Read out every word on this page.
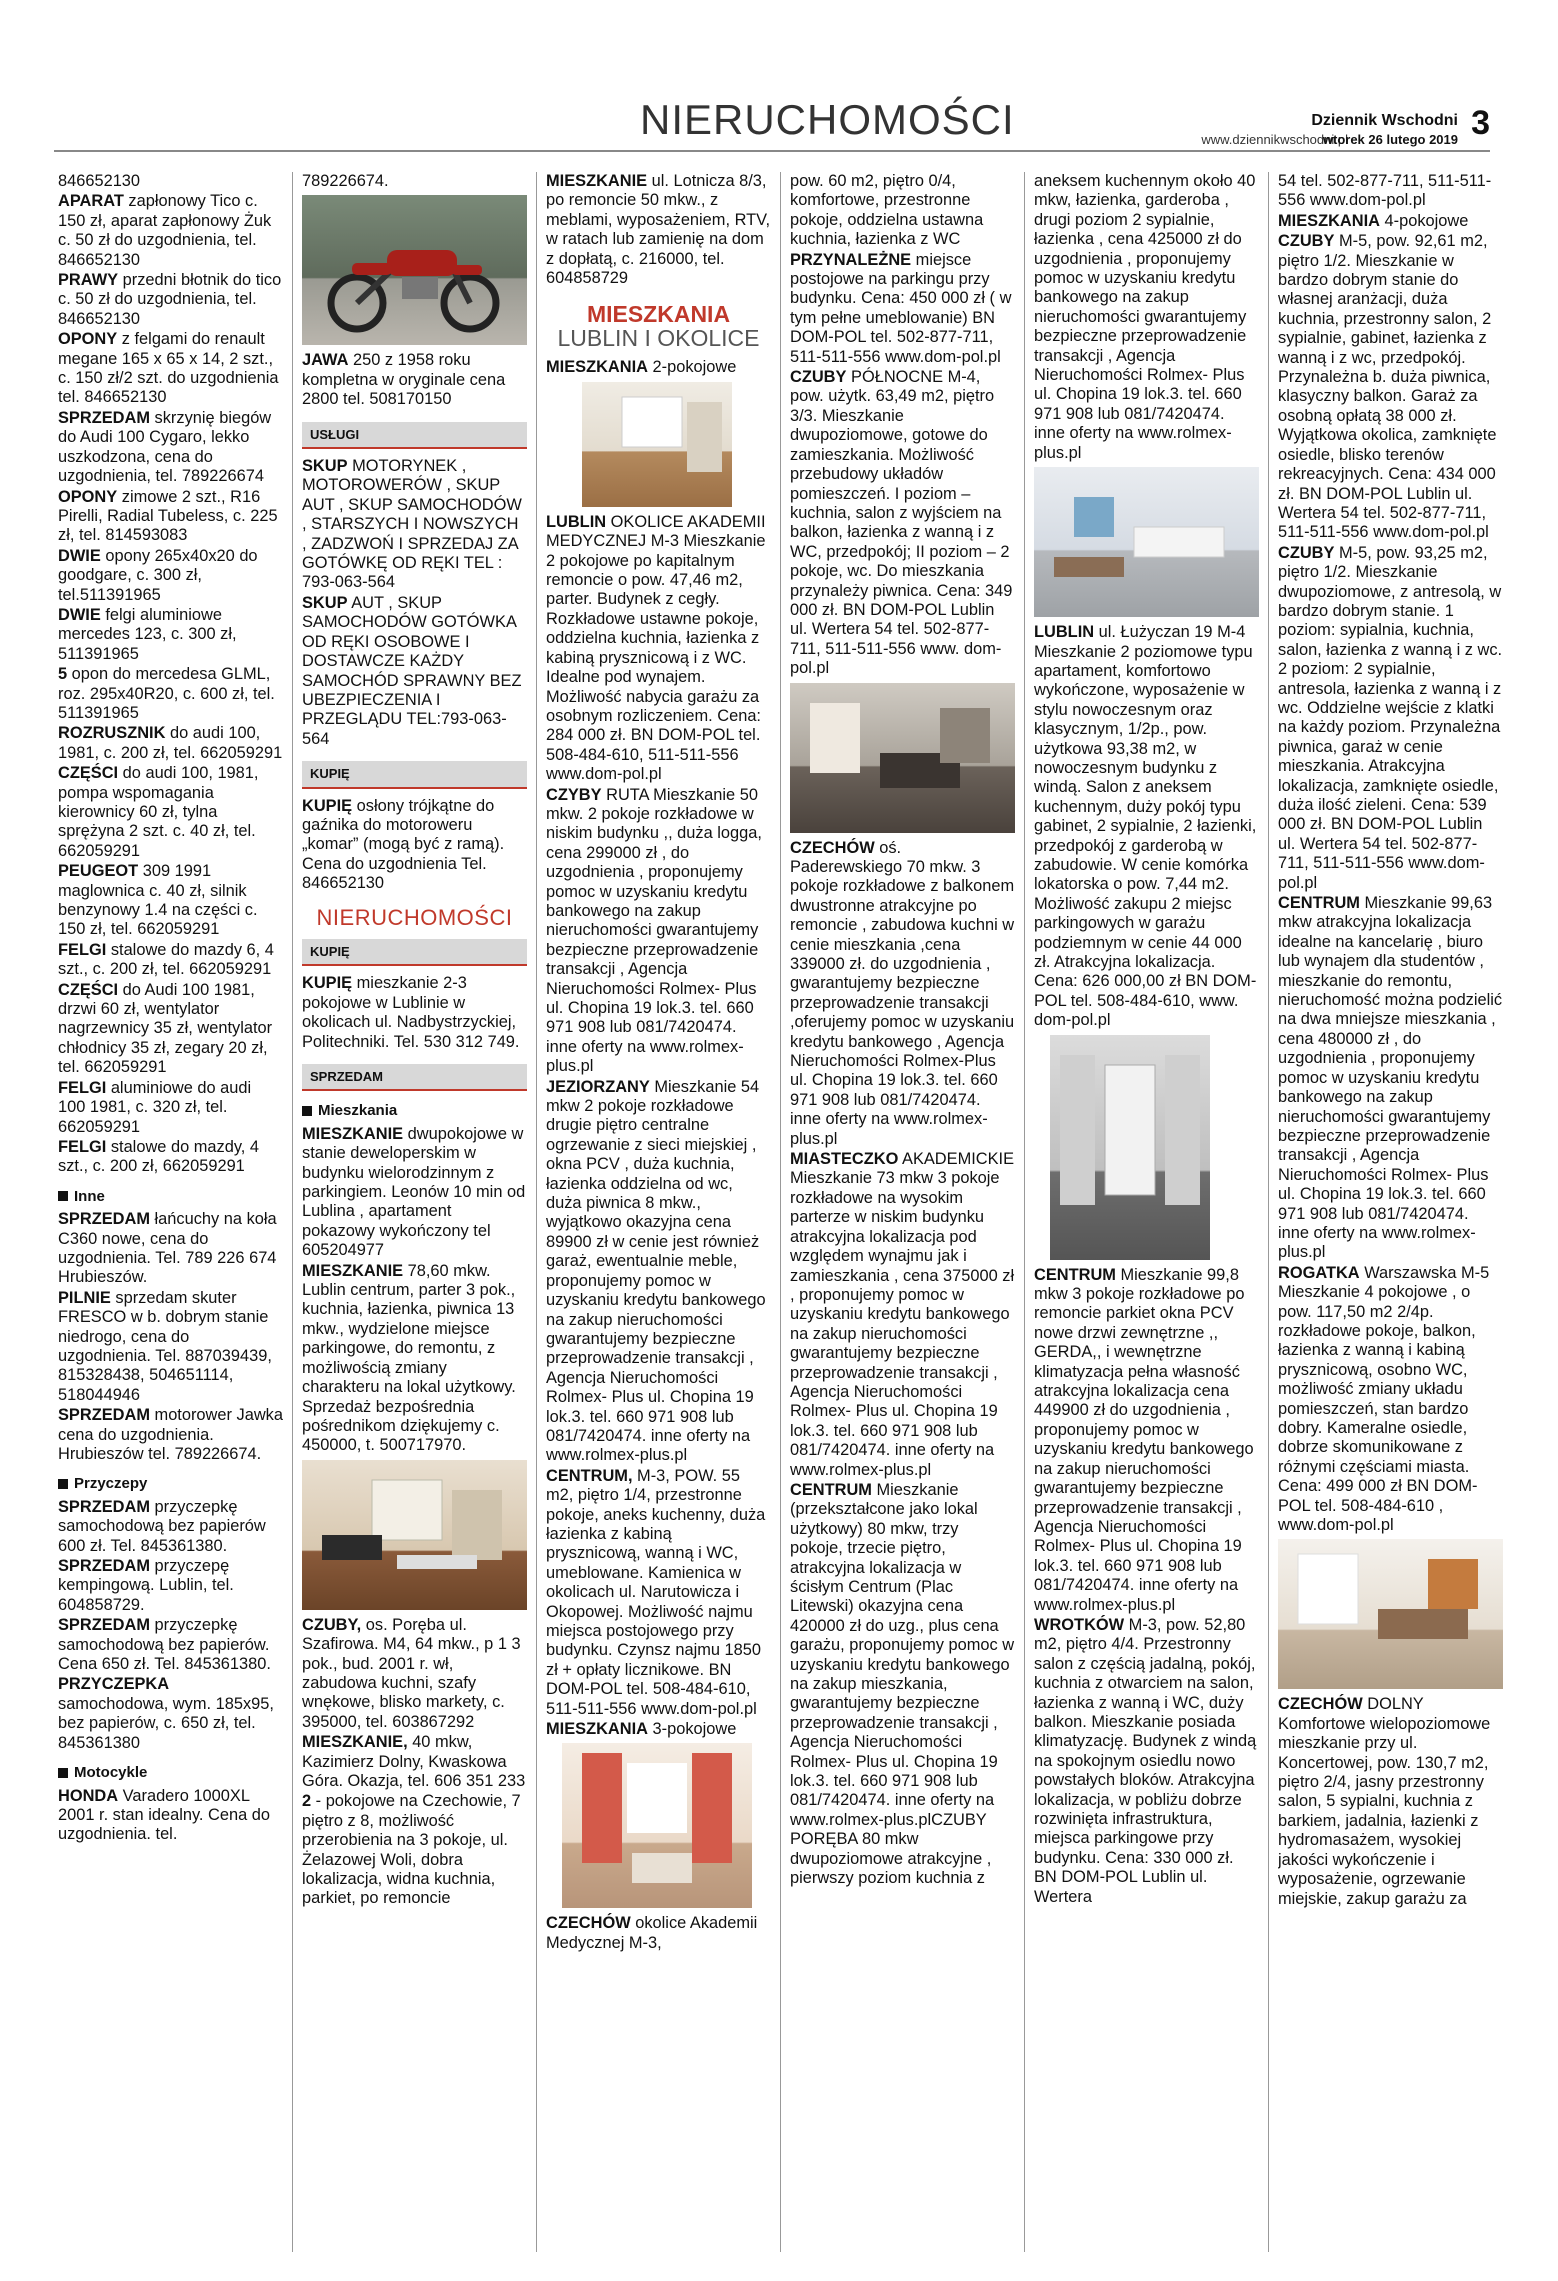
NIERUCHOMOŚCI	3
Dziennik Wschodni
www.dziennikwschodni.pl
wtorek 26 lutego 2019

846652130

APARAT zapłonowy Tico c. 150 zł, aparat zapłonowy Żuk c. 50 zł do uzgodnienia, tel. 846652130

PRAWY przedni błotnik do tico c. 50 zł do uzgodnienia, tel. 846652130

OPONY z felgami do renault megane 165 x 65 x 14, 2 szt., c. 150 zł/2 szt. do uzgodnienia tel. 846652130

SPRZEDAM skrzynię biegów do Audi 100 Cygaro, lekko uszkodzona, cena do uzgodnienia, tel. 789226674

OPONY zimowe 2 szt., R16 Pirelli, Radial Tubeless, c. 225 zł, tel. 814593083

DWIE opony 265x40x20 do goodgare, c. 300 zł, tel.511391965

DWIE felgi aluminiowe mercedes 123, c. 300 zł, 511391965

5 opon do mercedesa GLML, roz. 295x40R20, c. 600 zł, tel. 511391965

ROZRUSZNIK do audi 100, 1981, c. 200 zł, tel. 662059291

CZĘŚCI do audi 100, 1981, pompa wspomagania kierownicy 60 zł, tylna sprężyna 2 szt. c. 40 zł, tel. 662059291

PEUGEOT 309 1991 maglownica c. 40 zł, silnik benzynowy 1.4 na części c. 150 zł, tel. 662059291

FELGI stalowe do mazdy 6, 4 szt., c. 200 zł, tel. 662059291

CZĘŚCI do Audi 100 1981, drzwi 60 zł, wentylator nagrzewnicy 35 zł, wentylator chłodnicy 35 zł, zegary 20 zł, tel. 662059291

FELGI aluminiowe do audi 100 1981, c. 320 zł, tel. 662059291

FELGI stalowe do mazdy, 4 szt., c. 200 zł, 662059291

Inne

SPRZEDAM łańcuchy na koła C360 nowe, cena do uzgodnienia. Tel. 789 226 674 Hrubieszów.

PILNIE sprzedam skuter FRESCO w b. dobrym stanie niedrogo, cena do uzgodnienia. Tel. 887039439, 815328438, 504651114, 518044946

SPRZEDAM motorower Jawka cena do uzgodnienia. Hrubieszów tel. 789226674.

Przyczepy

SPRZEDAM przyczepkę samochodową bez papierów 600 zł. Tel. 845361380.

SPRZEDAM przyczepę kempingową. Lublin, tel. 604858729.

SPRZEDAM przyczepkę samochodową bez papierów. Cena 650 zł. Tel. 845361380.

PRZYCZEPKA samochodowa, wym. 185x95, bez papierów, c. 650 zł, tel. 845361380

Motocykle

HONDA Varadero 1000XL 2001 r. stan idealny. Cena do uzgodnienia. tel.

789226674.

JAWA 250 z 1958 roku kompletna w oryginale cena 2800 tel. 508170150

USŁUGI

SKUP MOTORYNEK , MOTOROWERÓW , SKUP AUT , SKUP SAMOCHODÓW , STARSZYCH I NOWSZYCH , ZADZWOŃ I SPRZEDAJ ZA GOTÓWKĘ OD RĘKI TEL : 793-063-564

SKUP AUT , SKUP SAMOCHODÓW GOTÓWKA OD RĘKI OSOBOWE I DOSTAWCZE KAŻDY SAMOCHÓD SPRAWNY BEZ UBEZPIECZENIA I PRZEGLĄDU TEL:793-063-564

KUPIĘ

KUPIĘ osłony trójkątne do gaźnika do motoroweru „komar” (mogą być z ramą). Cena do uzgodnienia Tel. 846652130

NIERUCHOMOŚCI
KUPIĘ

KUPIĘ mieszkanie 2-3 pokojowe w Lublinie w okolicach ul. Nadbystrzyckiej, Politechniki. Tel. 530 312 749.

SPRZEDAM
Mieszkania

MIESZKANIE dwupokojowe w stanie deweloperskim w budynku wielorodzinnym z parkingiem. Leonów 10 min od Lublina , apartament pokazowy wykończony tel 605204977

MIESZKANIE 78,60 mkw. Lublin centrum, parter 3 pok., kuchnia, łazienka, piwnica 13 mkw., wydzielone miejsce parkingowe, do remontu, z możliwością zmiany charakteru na lokal użytkowy. Sprzedaż bezpośrednia pośrednikom dziękujemy c. 450000, t. 500717970.

CZUBY, os. Poręba ul. Szafirowa. M4, 64 mkw., p 1 3 pok., bud. 2001 r. wł, zabudowa kuchni, szafy wnękowe, blisko markety, c. 395000, tel. 603867292

MIESZKANIE, 40 mkw, Kazimierz Dolny, Kwaskowa Góra. Okazja, tel. 606 351 233

2 - pokojowe na Czechowie, 7 piętro z 8, możliwość przerobienia na 3 pokoje, ul. Żelazowej Woli, dobra lokalizacja, widna kuchnia, parkiet, po remoncie

MIESZKANIE ul. Lotnicza 8/3, po remoncie 50 mkw., z meblami, wyposażeniem, RTV, w ratach lub zamienię na dom z dopłatą, c. 216000, tel. 604858729

MIESZKANIA
LUBLIN I OKOLICE

MIESZKANIA 2-pokojowe

LUBLIN OKOLICE AKADEMII MEDYCZNEJ M-3 Mieszkanie 2 pokojowe po kapitalnym remoncie o pow. 47,46 m2, parter. Budynek z cegły. Rozkładowe ustawne pokoje, oddzielna kuchnia, łazienka z kabiną prysznicową i z WC. Idealne pod wynajem. Możliwość nabycia garażu za osobnym rozliczeniem. Cena: 284 000 zł. BN DOM-POL tel. 508-484-610, 511-511-556 www.dom-pol.pl

CZYBY RUTA Mieszkanie 50 mkw. 2 pokoje rozkładowe w niskim budynku ,, duża logga, cena 299000 zł , do uzgodnienia , proponujemy pomoc w uzyskaniu kredytu bankowego na zakup nieruchomości gwarantujemy bezpieczne przeprowadzenie transakcji , Agencja Nieruchomości Rolmex- Plus ul. Chopina 19 lok.3. tel. 660 971 908 lub 081/7420474. inne oferty na www.rolmex-plus.pl

JEZIORZANY Mieszkanie 54 mkw 2 pokoje rozkładowe drugie piętro centralne ogrzewanie z sieci miejskiej , okna PCV , duża kuchnia, łazienka oddzielna od wc, duża piwnica 8 mkw., wyjątkowo okazyjna cena 89900 zł w cenie jest również garaż, ewentualnie meble, proponujemy pomoc w uzyskaniu kredytu bankowego na zakup nieruchomości gwarantujemy bezpieczne przeprowadzenie transakcji , Agencja Nieruchomości Rolmex- Plus ul. Chopina 19 lok.3. tel. 660 971 908 lub 081/7420474. inne oferty na www.rolmex-plus.pl

CENTRUM, M-3, POW. 55 m2, piętro 1/4, przestronne pokoje, aneks kuchenny, duża łazienka z kabiną prysznicową, wanną i WC, umeblowane. Kamienica w okolicach ul. Narutowicza i Okopowej. Możliwość najmu miejsca postojowego przy budynku. Czynsz najmu 1850 zł + opłaty licznikowe. BN DOM-POL tel. 508-484-610, 511-511-556 www.dom-pol.pl

MIESZKANIA 3-pokojowe

CZECHÓW okolice Akademii Medycznej M-3,

pow. 60 m2, piętro 0/4, komfortowe, przestronne pokoje, oddzielna ustawna kuchnia, łazienka z WC

PRZYNALEŻNE miejsce postojowe na parkingu przy budynku. Cena: 450 000 zł ( w tym pełne umeblowanie) BN DOM-POL tel. 502-877-711, 511-511-556 www.dom-pol.pl

CZUBY PÓŁNOCNE M-4, pow. użytk. 63,49 m2, piętro 3/3. Mieszkanie dwupoziomowe, gotowe do zamieszkania. Możliwość przebudowy układów pomieszczeń. I poziom – kuchnia, salon z wyjściem na balkon, łazienka z wanną i z WC, przedpokój; II poziom – 2 pokoje, wc. Do mieszkania przynależy piwnica. Cena: 349 000 zł. BN DOM-POL Lublin ul. Wertera 54 tel. 502-877-711, 511-511-556 www. dom-pol.pl

CZECHÓW oś. Paderewskiego 70 mkw. 3 pokoje rozkładowe z balkonem dwustronne atrakcyjne po remoncie , zabudowa kuchni w cenie mieszkania ,cena 339000 zł. do uzgodnienia , gwarantujemy bezpieczne przeprowadzenie transakcji ,oferujemy pomoc w uzyskaniu kredytu bankowego , Agencja Nieruchomości Rolmex-Plus ul. Chopina 19 lok.3. tel. 660 971 908 lub 081/7420474. inne oferty na www.rolmex-plus.pl

MIASTECZKO AKADEMICKIE Mieszkanie 73 mkw 3 pokoje rozkładowe na wysokim parterze w niskim budynku atrakcyjna lokalizacja pod względem wynajmu jak i zamieszkania , cena 375000 zł , proponujemy pomoc w uzyskaniu kredytu bankowego na zakup nieruchomości gwarantujemy bezpieczne przeprowadzenie transakcji , Agencja Nieruchomości Rolmex- Plus ul. Chopina 19 lok.3. tel. 660 971 908 lub 081/7420474. inne oferty na www.rolmex-plus.pl

CENTRUM Mieszkanie (przekształcone jako lokal użytkowy) 80 mkw, trzy pokoje, trzecie piętro, atrakcyjna lokalizacja w ścisłym Centrum (Plac Litewski) okazyjna cena 420000 zł do uzg., plus cena garażu, proponujemy pomoc w uzyskaniu kredytu bankowego na zakup mieszkania, gwarantujemy bezpieczne przeprowadzenie transakcji , Agencja Nieruchomości Rolmex- Plus ul. Chopina 19 lok.3. tel. 660 971 908 lub 081/7420474. inne oferty na www.rolmex-plus.plCZUBY PORĘBA 80 mkw dwupoziomowe atrakcyjne , pierwszy poziom kuchnia z

aneksem kuchennym około 40 mkw, łazienka, garderoba , drugi poziom 2 sypialnie, łazienka , cena 425000 zł do uzgodnienia , proponujemy pomoc w uzyskaniu kredytu bankowego na zakup nieruchomości gwarantujemy bezpieczne przeprowadzenie transakcji , Agencja Nieruchomości Rolmex- Plus ul. Chopina 19 lok.3. tel. 660 971 908 lub 081/7420474. inne oferty na www.rolmex-plus.pl

LUBLIN ul. Łużyczan 19 M-4 Mieszkanie 2 poziomowe typu apartament, komfortowo wykończone, wyposażenie w stylu nowoczesnym oraz klasycznym, 1/2p., pow. użytkowa 93,38 m2, w nowoczesnym budynku z windą. Salon z aneksem kuchennym, duży pokój typu gabinet, 2 sypialnie, 2 łazienki, przedpokój z garderobą w zabudowie. W cenie komórka lokatorska o pow. 7,44 m2. Możliwość zakupu 2 miejsc parkingowych w garażu podziemnym w cenie 44 000 zł. Atrakcyjna lokalizacja. Cena: 626 000,00 zł BN DOM-POL tel. 508-484-610, www. dom-pol.pl

CENTRUM Mieszkanie 99,8 mkw 3 pokoje rozkładowe po remoncie parkiet okna PCV nowe drzwi zewnętrzne ,, GERDA,, i wewnętrzne klimatyzacja pełna własność atrakcyjna lokalizacja cena 449900 zł do uzgodnienia , proponujemy pomoc w uzyskaniu kredytu bankowego na zakup nieruchomości gwarantujemy bezpieczne przeprowadzenie transakcji , Agencja Nieruchomości Rolmex- Plus ul. Chopina 19 lok.3. tel. 660 971 908 lub 081/7420474. inne oferty na www.rolmex-plus.pl

WROTKÓW M-3, pow. 52,80 m2, piętro 4/4. Przestronny salon z częścią jadalną, pokój, kuchnia z otwarciem na salon, łazienka z wanną i WC, duży balkon. Mieszkanie posiada klimatyzację. Budynek z windą na spokojnym osiedlu nowo powstałych bloków. Atrakcyjna lokalizacja, w pobliżu dobrze rozwinięta infrastruktura, miejsca parkingowe przy budynku. Cena: 330 000 zł. BN DOM-POL Lublin ul. Wertera

54 tel. 502-877-711, 511-511-556 www.dom-pol.pl

MIESZKANIA 4-pokojowe

CZUBY M-5, pow. 92,61 m2, piętro 1/2. Mieszkanie w bardzo dobrym stanie do własnej aranżacji, duża kuchnia, przestronny salon, 2 sypialnie, gabinet, łazienka z wanną i z wc, przedpokój. Przynależna b. duża piwnica, klasyczny balkon. Garaż za osobną opłatą 38 000 zł. Wyjątkowa okolica, zamknięte osiedle, blisko terenów rekreacyjnych. Cena: 434 000 zł. BN DOM-POL Lublin ul. Wertera 54 tel. 502-877-711, 511-511-556 www.dom-pol.pl

CZUBY M-5, pow. 93,25 m2, piętro 1/2. Mieszkanie dwupoziomowe, z antresolą, w bardzo dobrym stanie. 1 poziom: sypialnia, kuchnia, salon, łazienka z wanną i z wc. 2 poziom: 2 sypialnie, antresola, łazienka z wanną i z wc. Oddzielne wejście z klatki na każdy poziom. Przynależna piwnica, garaż w cenie mieszkania. Atrakcyjna lokalizacja, zamknięte osiedle, duża ilość zieleni. Cena: 539 000 zł. BN DOM-POL Lublin ul. Wertera 54 tel. 502-877-711, 511-511-556 www.dom-pol.pl

CENTRUM Mieszkanie 99,63 mkw atrakcyjna lokalizacja idealne na kancelarię , biuro lub wynajem dla studentów , mieszkanie do remontu, nieruchomość można podzielić na dwa mniejsze mieszkania , cena 480000 zł , do uzgodnienia , proponujemy pomoc w uzyskaniu kredytu bankowego na zakup nieruchomości gwarantujemy bezpieczne przeprowadzenie transakcji , Agencja Nieruchomości Rolmex- Plus ul. Chopina 19 lok.3. tel. 660 971 908 lub 081/7420474. inne oferty na www.rolmex-plus.pl

ROGATKA Warszawska M-5 Mieszkanie 4 pokojowe , o pow. 117,50 m2 2/4p. rozkładowe pokoje, balkon, łazienka z wanną i kabiną prysznicową, osobno WC, możliwość zmiany układu pomieszczeń, stan bardzo dobry. Kameralne osiedle, dobrze skomunikowane z różnymi częściami miasta. Cena: 499 000 zł BN DOM-POL tel. 508-484-610 , www.dom-pol.pl

CZECHÓW DOLNY Komfortowe wielopoziomowe mieszkanie przy ul. Koncertowej, pow. 130,7 m2, piętro 2/4, jasny przestronny salon, 5 sypialni, kuchnia z barkiem, jadalnia, łazienki z hydromasażem, wysokiej jakości wykończenie i wyposażenie, ogrzewanie miejskie, zakup garażu za
